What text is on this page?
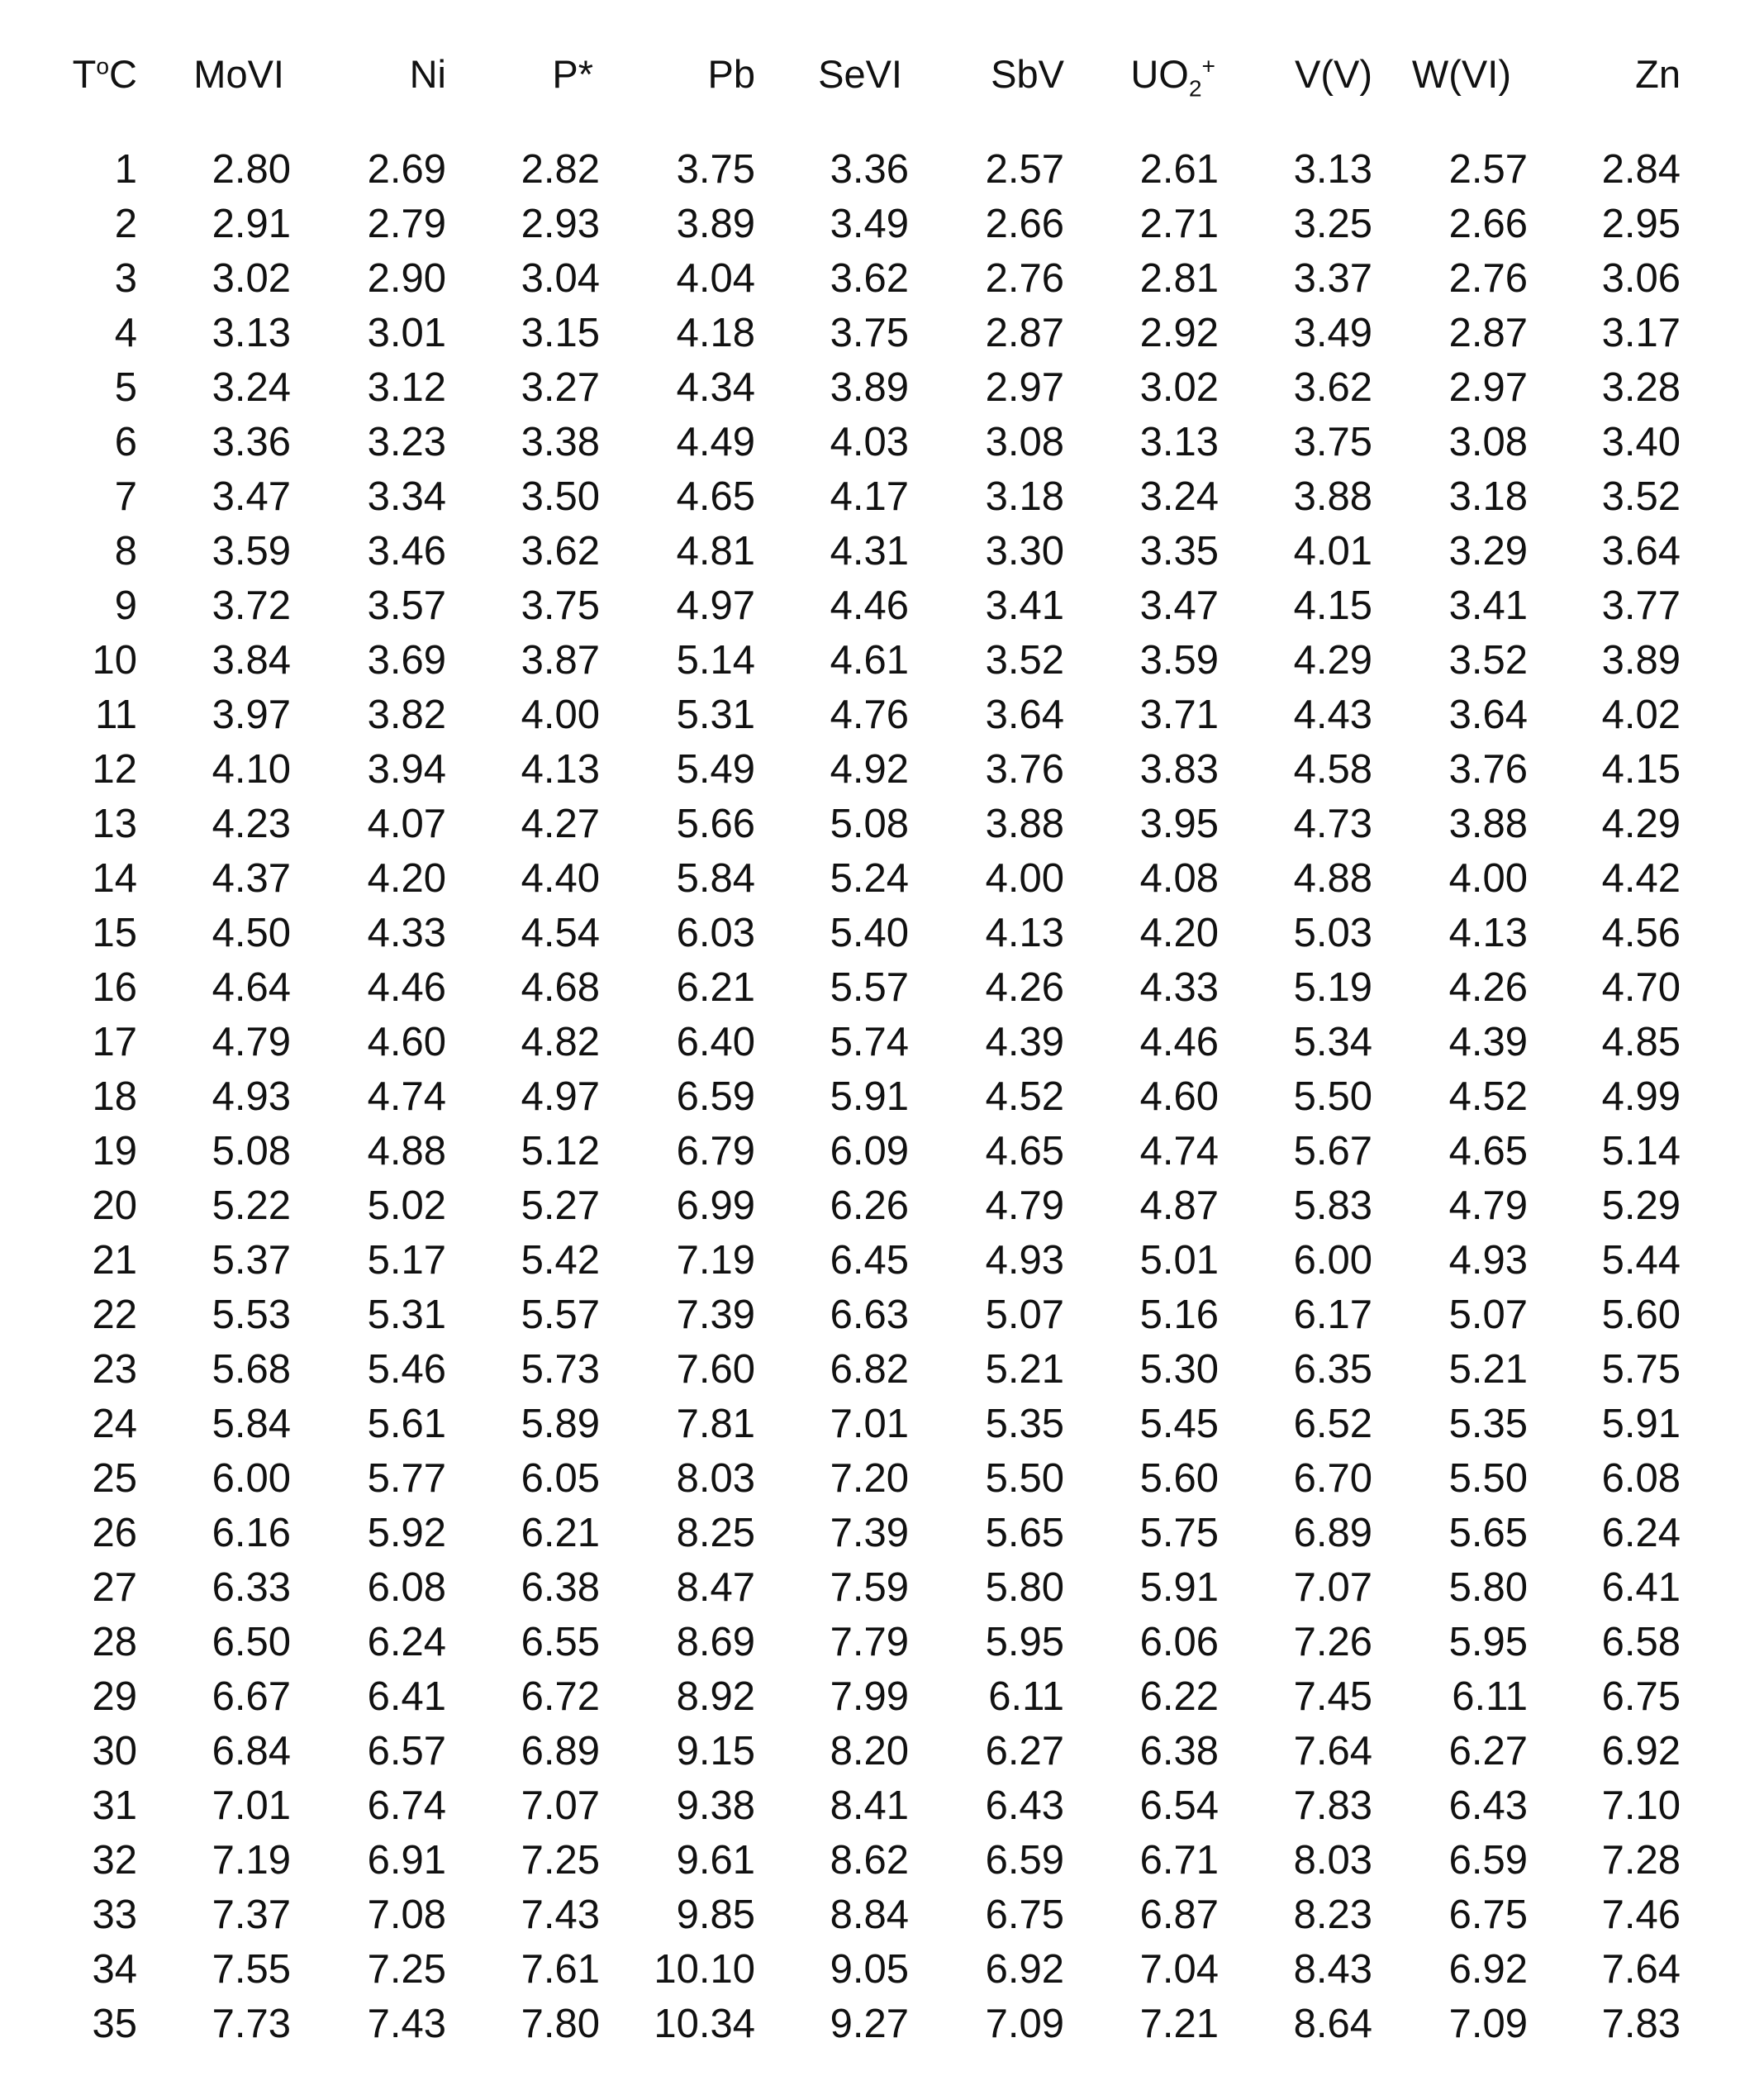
$T^oC$	MoVI	Ni	P*	Pb	SeVI	SbV	$UO_2^+$	V(V)	W(VI)	Zn

1	2.80	2.69	2.82	3.75	3.36	2.57	2.61	3.13	2.57	2.84
2	2.91	2.79	2.93	3.89	3.49	2.66	2.71	3.25	2.66	2.95
3	3.02	2.90	3.04	4.04	3.62	2.76	2.81	3.37	2.76	3.06
4	3.13	3.01	3.15	4.18	3.75	2.87	2.92	3.49	2.87	3.17
5	3.24	3.12	3.27	4.34	3.89	2.97	3.02	3.62	2.97	3.28
6	3.36	3.23	3.38	4.49	4.03	3.08	3.13	3.75	3.08	3.40
7	3.47	3.34	3.50	4.65	4.17	3.18	3.24	3.88	3.18	3.52
8	3.59	3.46	3.62	4.81	4.31	3.30	3.35	4.01	3.29	3.64
9	3.72	3.57	3.75	4.97	4.46	3.41	3.47	4.15	3.41	3.77
10	3.84	3.69	3.87	5.14	4.61	3.52	3.59	4.29	3.52	3.89
11	3.97	3.82	4.00	5.31	4.76	3.64	3.71	4.43	3.64	4.02
12	4.10	3.94	4.13	5.49	4.92	3.76	3.83	4.58	3.76	4.15
13	4.23	4.07	4.27	5.66	5.08	3.88	3.95	4.73	3.88	4.29
14	4.37	4.20	4.40	5.84	5.24	4.00	4.08	4.88	4.00	4.42
15	4.50	4.33	4.54	6.03	5.40	4.13	4.20	5.03	4.13	4.56
16	4.64	4.46	4.68	6.21	5.57	4.26	4.33	5.19	4.26	4.70
17	4.79	4.60	4.82	6.40	5.74	4.39	4.46	5.34	4.39	4.85
18	4.93	4.74	4.97	6.59	5.91	4.52	4.60	5.50	4.52	4.99
19	5.08	4.88	5.12	6.79	6.09	4.65	4.74	5.67	4.65	5.14
20	5.22	5.02	5.27	6.99	6.26	4.79	4.87	5.83	4.79	5.29
21	5.37	5.17	5.42	7.19	6.45	4.93	5.01	6.00	4.93	5.44
22	5.53	5.31	5.57	7.39	6.63	5.07	5.16	6.17	5.07	5.60
23	5.68	5.46	5.73	7.60	6.82	5.21	5.30	6.35	5.21	5.75
24	5.84	5.61	5.89	7.81	7.01	5.35	5.45	6.52	5.35	5.91
25	6.00	5.77	6.05	8.03	7.20	5.50	5.60	6.70	5.50	6.08
26	6.16	5.92	6.21	8.25	7.39	5.65	5.75	6.89	5.65	6.24
27	6.33	6.08	6.38	8.47	7.59	5.80	5.91	7.07	5.80	6.41
28	6.50	6.24	6.55	8.69	7.79	5.95	6.06	7.26	5.95	6.58
29	6.67	6.41	6.72	8.92	7.99	6.11	6.22	7.45	6.11	6.75
30	6.84	6.57	6.89	9.15	8.20	6.27	6.38	7.64	6.27	6.92
31	7.01	6.74	7.07	9.38	8.41	6.43	6.54	7.83	6.43	7.10
32	7.19	6.91	7.25	9.61	8.62	6.59	6.71	8.03	6.59	7.28
33	7.37	7.08	7.43	9.85	8.84	6.75	6.87	8.23	6.75	7.46
34	7.55	7.25	7.61	10.10	9.05	6.92	7.04	8.43	6.92	7.64
35	7.73	7.43	7.80	10.34	9.27	7.09	7.21	8.64	7.09	7.83
